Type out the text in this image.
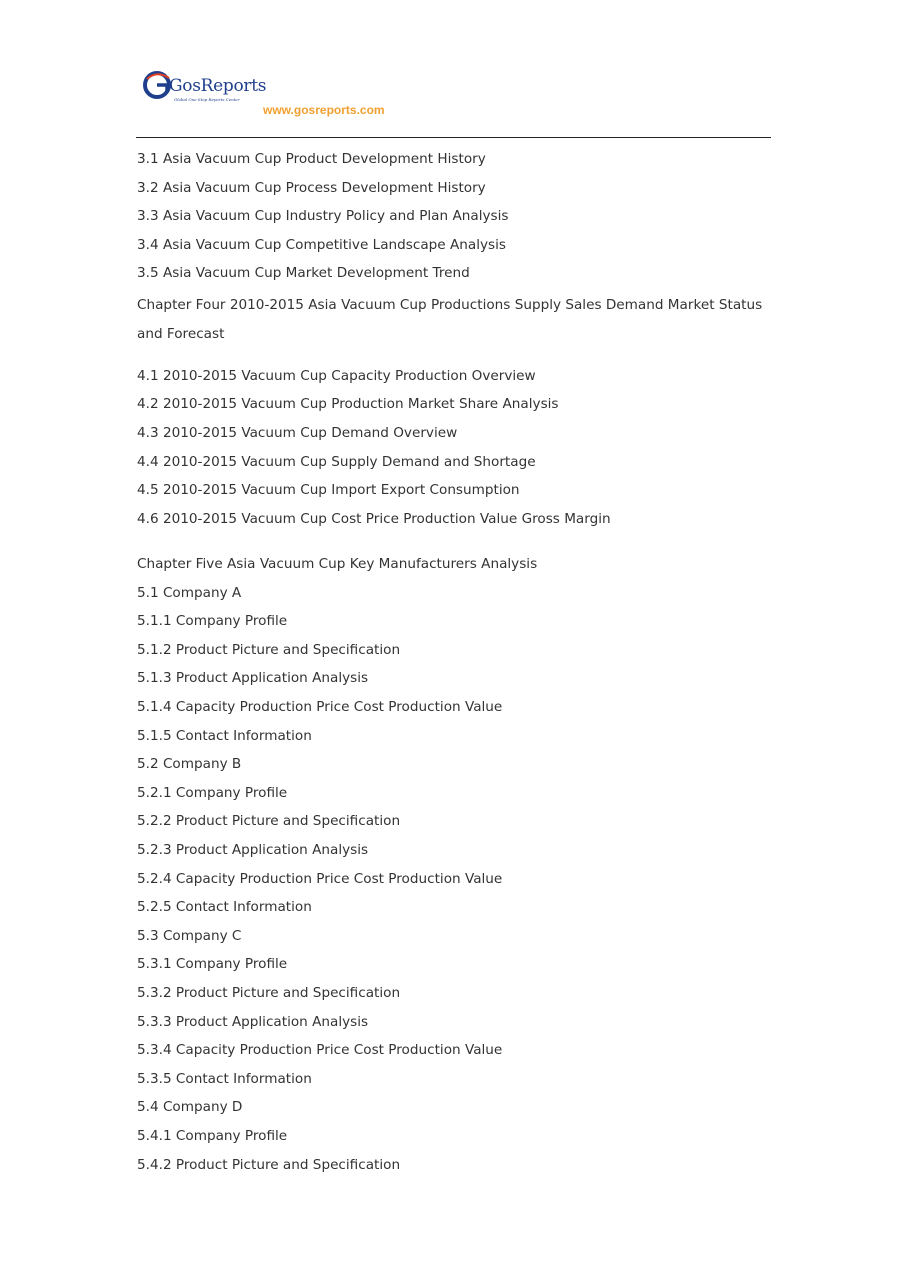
GosReports
Global One Stop Reports Center
www.gosreports.com
3.1 Asia Vacuum Cup Product Development History
3.2 Asia Vacuum Cup Process Development History
3.3 Asia Vacuum Cup Industry Policy and Plan Analysis
3.4 Asia Vacuum Cup Competitive Landscape Analysis
3.5 Asia Vacuum Cup Market Development Trend
Chapter Four 2010-2015 Asia Vacuum Cup Productions Supply Sales Demand Market Status and Forecast
4.1 2010-2015 Vacuum Cup Capacity Production Overview
4.2 2010-2015 Vacuum Cup Production Market Share Analysis
4.3 2010-2015 Vacuum Cup Demand Overview
4.4 2010-2015 Vacuum Cup Supply Demand and Shortage
4.5 2010-2015 Vacuum Cup Import Export Consumption
4.6 2010-2015 Vacuum Cup Cost Price Production Value Gross Margin
Chapter Five Asia Vacuum Cup Key Manufacturers Analysis
5.1 Company A
5.1.1 Company Profile
5.1.2 Product Picture and Specification
5.1.3 Product Application Analysis
5.1.4 Capacity Production Price Cost Production Value
5.1.5 Contact Information
5.2 Company B
5.2.1 Company Profile
5.2.2 Product Picture and Specification
5.2.3 Product Application Analysis
5.2.4 Capacity Production Price Cost Production Value
5.2.5 Contact Information
5.3 Company C
5.3.1 Company Profile
5.3.2 Product Picture and Specification
5.3.3 Product Application Analysis
5.3.4 Capacity Production Price Cost Production Value
5.3.5 Contact Information
5.4 Company D
5.4.1 Company Profile
5.4.2 Product Picture and Specification
